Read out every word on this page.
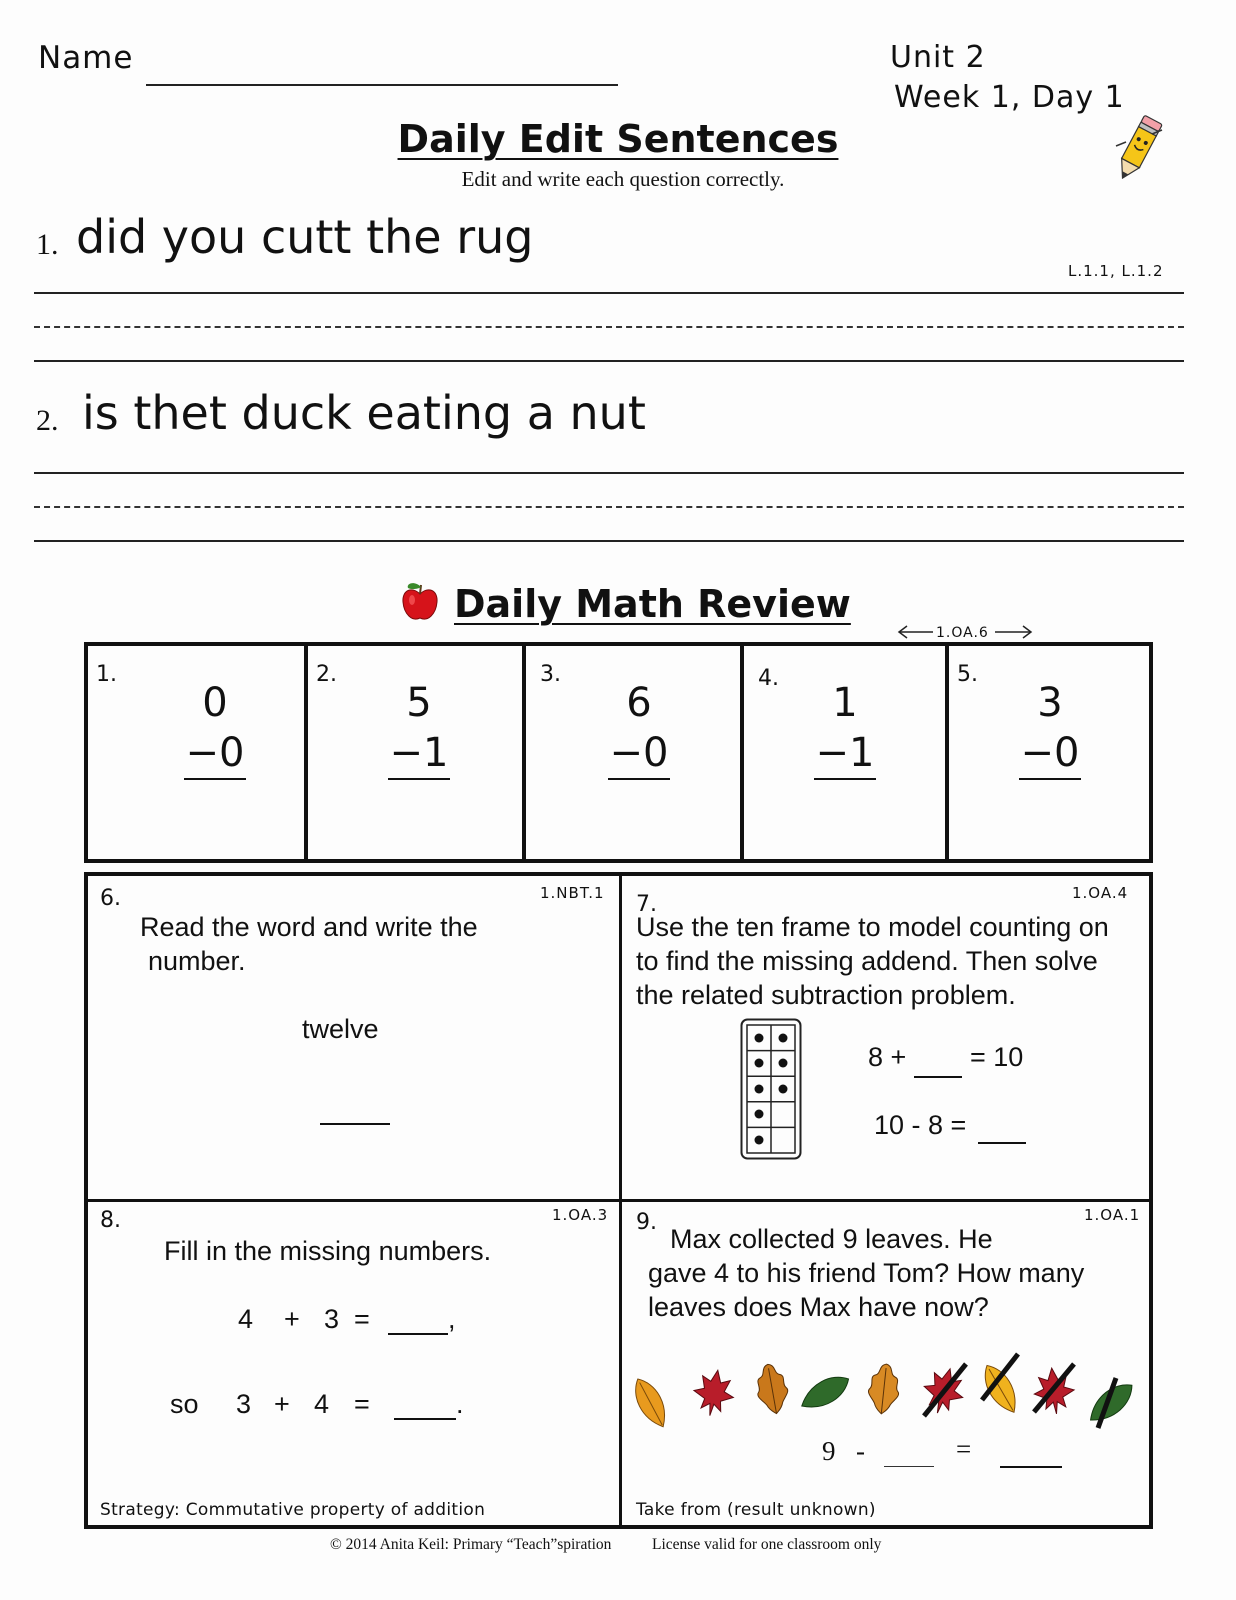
Name	Unit 2
Week 1, Day 1
Daily Edit Sentences
Edit and write each question correctly.
1. did you cutt the rug
L.1.1, L.1.2
2. is thet duck eating a nut
Daily Math Review
1.OA.6
1.
0
−0
2.
5
−1
3.
6
−0
4.
1
−1
5.
3
−0
6.	1.NBT.1
Read the word and write the
number.
twelve
7.	1.OA.4
Use the ten frame to model counting on
to find the missing addend. Then solve
the related subtraction problem.
8 + = 10
10 - 8 =
8.	1.OA.3
Fill in the missing numbers.
4 + 3 =	,
so 3 + 4 =	.
Strategy: Commutative property of addition
9.	1.OA.1
Max collected 9 leaves. He
gave 4 to his friend Tom? How many
leaves does Max have now?
9 -	=
Take from (result unknown)
© 2014 Anita Keil: Primary “Teach”spiration	License valid for one classroom only
